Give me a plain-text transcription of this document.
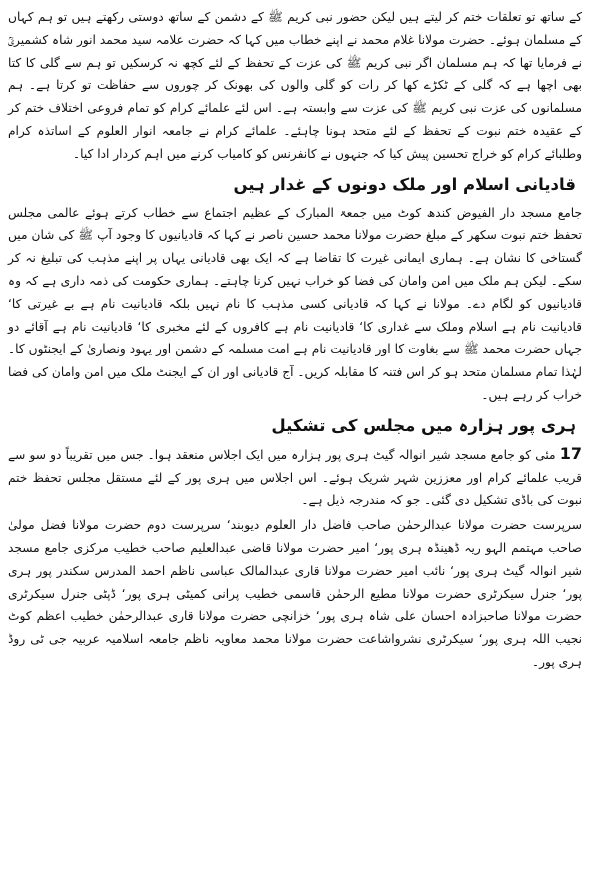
کے ساتھ تو تعلقات ختم کر لیتے ہیں لیکن حضور نبی کریم ﷺ کے دشمن کے ساتھ دوستی رکھتے ہیں تو ہم کہاں کے مسلمان ہوئے۔ حضرت مولانا غلام محمد نے اپنے خطاب میں کہا کہ حضرت علامہ سید محمد انور شاہ کشمیریؒ نے فرمایا تھا کہ ہم مسلمان اگر نبی کریم ﷺ کی عزت کے تحفظ کے لئے کچھ نہ کرسکیں تو ہم سے گلی کا کتا بھی اچھا ہے کہ گلی کے ٹکڑے کھا کر رات کو گلی والوں کی بھونک کر چوروں سے حفاظت تو کرتا ہے۔ ہم مسلمانوں کی عزت نبی کریم ﷺ کی عزت سے وابستہ ہے۔ اس لئے علمائے کرام کو تمام فروعی اختلاف ختم کر کے عقیدہ ختم نبوت کے تحفظ کے لئے متحد ہونا چاہئے۔ علمائے کرام نے جامعہ انوار العلوم کے اساتذہ کرام وطلبائے کرام کو خراج تحسین پیش کیا کہ جنہوں نے کانفرنس کو کامیاب کرنے میں اہم کردار ادا کیا۔

قادیانی اسلام اور ملک دونوں کے غدار ہیں

جامع مسجد دار الفیوض کندھ کوٹ میں جمعۃ المبارک کے عظیم اجتماع سے خطاب کرتے ہوئے عالمی مجلس تحفظ ختم نبوت سکھر کے مبلغ حضرت مولانا محمد حسین ناصر نے کہا کہ قادیانیوں کا وجود آپ ﷺ کی شان میں گستاخی کا نشان ہے۔ ہماری ایمانی غیرت کا تقاضا ہے کہ ایک بھی قادیانی یہاں پر اپنے مذہب کی تبلیغ نہ کر سکے۔ لیکن ہم ملک میں امن وامان کی فضا کو خراب نہیں کرنا چاہتے۔ ہماری حکومت کی ذمہ داری ہے کہ وہ قادیانیوں کو لگام دے۔ مولانا نے کہا کہ قادیانی کسی مذہب کا نام نہیں بلکہ قادیانیت نام ہے بے غیرتی کا‘ قادیانیت نام ہے اسلام وملک سے غداری کا‘ قادیانیت نام ہے کافروں کے لئے مخبری کا‘ قادیانیت نام ہے آقائے دو جہاں حضرت محمد ﷺ سے بغاوت کا اور قادیانیت نام ہے امت مسلمہ کے دشمن اور یہود ونصاریٰ کے ایجنٹوں کا۔ لہٰذا تمام مسلمان متحد ہو کر اس فتنہ کا مقابلہ کریں۔ آج قادیانی اور ان کے ایجنٹ ملک میں امن وامان کی فضا خراب کر رہے ہیں۔

ہری پور ہزارہ میں مجلس کی تشکیل

17 مئی کو جامع مسجد شیر انوالہ گیٹ ہری پور ہزارہ میں ایک اجلاس منعقد ہوا۔ جس میں تقریباً دو سو سے قریب علمائے کرام اور معززین شہر شریک ہوئے۔ اس اجلاس میں ہری پور کے لئے مستقل مجلس تحفظ ختم نبوت کی باڈی تشکیل دی گئی۔ جو کہ مندرجہ ذیل ہے۔

سرپرست حضرت مولانا عبدالرحمٰن صاحب فاضل دار العلوم دیوبند‘ سرپرست دوم حضرت مولانا فضل مولیٰ صاحب مہتمم الہو ریہ ڈھینڈہ ہری پور‘ امیر حضرت مولانا قاضی عبدالعلیم صاحب خطیب مرکزی جامع مسجد شیر انوالہ گیٹ ہری پور‘ نائب امیر حضرت مولانا قاری عبدالمالک عباسی ناظم احمد المدرس سکندر پور ہری پور‘ جنرل سیکرٹری حضرت مولانا مطیع الرحمٰن قاسمی خطیب پرانی کمیٹی ہری پور‘ ڈپٹی جنرل سیکرٹری حضرت مولانا صاحبزادہ احسان علی شاہ ہری پور‘ خزانچی حضرت مولانا قاری عبدالرحمٰن خطیب اعظم کوٹ نجیب اللہ ہری پور‘ سیکرٹری نشرواشاعت حضرت مولانا محمد معاویہ ناظم جامعہ اسلامیہ عربیہ جی ٹی روڈ ہری پور۔
